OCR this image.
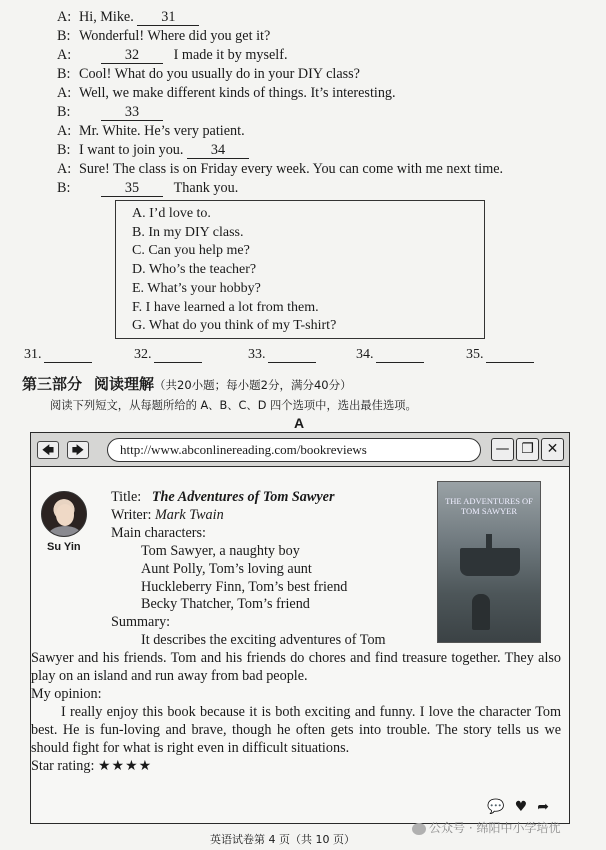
A: Hi, Mike. 31
B: Wonderful! Where did you get it?
A:	32 I made it by myself.
B: Cool! What do you usually do in your DIY class?
A: Well, we make different kinds of things. It’s interesting.
B:	33
A: Mr. White. He’s very patient.
B: I want to join you. 34
A: Sure! The class is on Friday every week. You can come with me next time.
B:	35 Thank you.
A. I’d love to.
B. In my DIY class.
C. Can you help me?
D. Who’s the teacher?
E. What’s your hobby?
F. I have learned a lot from them.
G. What do you think of my T-shirt?
31.	32.	33.	34.	35.
第三部分 阅读理解（共20小题；每小题2分，满分40分）
阅读下列短文，从每题所给的 A、B、C、D 四个选项中，选出最佳选项。
A
🡄	🡆	http://www.abconlinereading.com/bookreviews	— ❐ ✕
Su Yin
THE ADVENTURES OF TOM SAWYER
Title: The Adventures of Tom Sawyer
Writer: Mark Twain
Main characters:
Tom Sawyer, a naughty boy
Aunt Polly, Tom’s loving aunt
Huckleberry Finn, Tom’s best friend
Becky Thatcher, Tom’s friend
Summary:
It describes the exciting adventures of Tom

Sawyer and his friends. Tom and his friends do chores and find treasure together. They also play on an island and run away from bad people.

My opinion:

I really enjoy this book because it is both exciting and funny. I love the character Tom best. He is fun-loving and brave, though he often gets into trouble. The story tells us we should fight for what is right even in difficult situations.

Star rating: ★★★★
💬 ♥ ➦
英语试卷第 4 页（共 10 页）
公众号 · 绵阳中小学培优
